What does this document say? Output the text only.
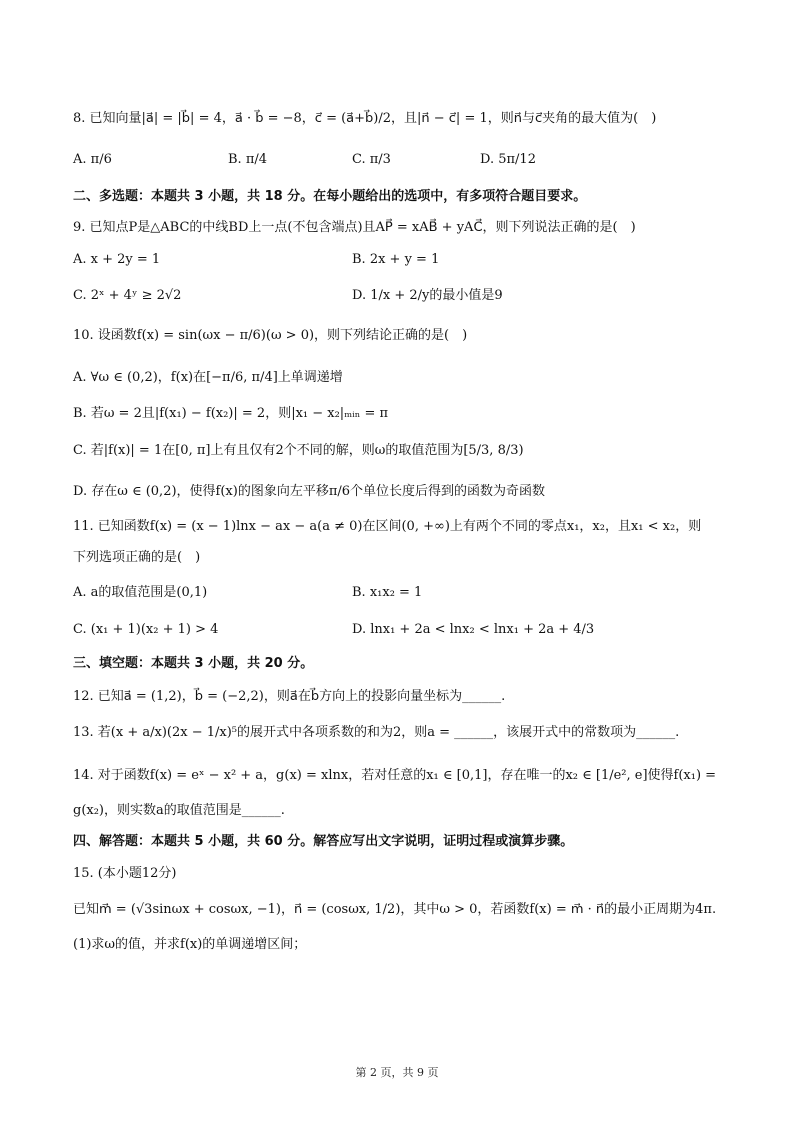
8. 已知向量|a⃗| = |b⃗| = 4，a⃗ · b⃗ = −8，c⃗ = (a⃗+b⃗)/2，且|n⃗ − c⃗| = 1，则n⃗与c⃗夹角的最大值为(　)
A. π/6	B. π/4	C. π/3	D. 5π/12
二、多选题：本题共 3 小题，共 18 分。在每小题给出的选项中，有多项符合题目要求。
9. 已知点P是△ABC的中线BD上一点(不包含端点)且AP⃗ = xAB⃗ + yAC⃗，则下列说法正确的是(　)
A. x + 2y = 1	B. 2x + y = 1
C. 2ˣ + 4ʸ ≥ 2√2	D. 1/x + 2/y的最小值是9
10. 设函数f(x) = sin(ωx − π/6)(ω > 0)，则下列结论正确的是(　)
A. ∀ω ∈ (0,2)，f(x)在[−π/6, π/4]上单调递增
B. 若ω = 2且|f(x₁) − f(x₂)| = 2，则|x₁ − x₂|ₘᵢₙ = π
C. 若|f(x)| = 1在[0, π]上有且仅有2个不同的解，则ω的取值范围为[5/3, 8/3)
D. 存在ω ∈ (0,2)，使得f(x)的图象向左平移π/6个单位长度后得到的函数为奇函数
11. 已知函数f(x) = (x − 1)lnx − ax − a(a ≠ 0)在区间(0, +∞)上有两个不同的零点x₁，x₂，且x₁ < x₂，则
下列选项正确的是(　)
A. a的取值范围是(0,1)	B. x₁x₂ = 1
C. (x₁ + 1)(x₂ + 1) > 4	D. lnx₁ + 2a < lnx₂ < lnx₁ + 2a + 4/3
三、填空题：本题共 3 小题，共 20 分。
12. 已知a⃗ = (1,2)，b⃗ = (−2,2)，则a⃗在b⃗方向上的投影向量坐标为______.
13. 若(x + a/x)(2x − 1/x)⁵的展开式中各项系数的和为2，则a = ______，该展开式中的常数项为______.
14. 对于函数f(x) = eˣ − x² + a，g(x) = xlnx，若对任意的x₁ ∈ [0,1]，存在唯一的x₂ ∈ [1/e², e]使得f(x₁) =
g(x₂)，则实数a的取值范围是______.
四、解答题：本题共 5 小题，共 60 分。解答应写出文字说明，证明过程或演算步骤。
15. (本小题12分)
已知m⃗ = (√3sinωx + cosωx, −1)，n⃗ = (cosωx, 1/2)，其中ω > 0，若函数f(x) = m⃗ · n⃗的最小正周期为4π.
(1)求ω的值，并求f(x)的单调递增区间；
第 2 页，共 9 页
